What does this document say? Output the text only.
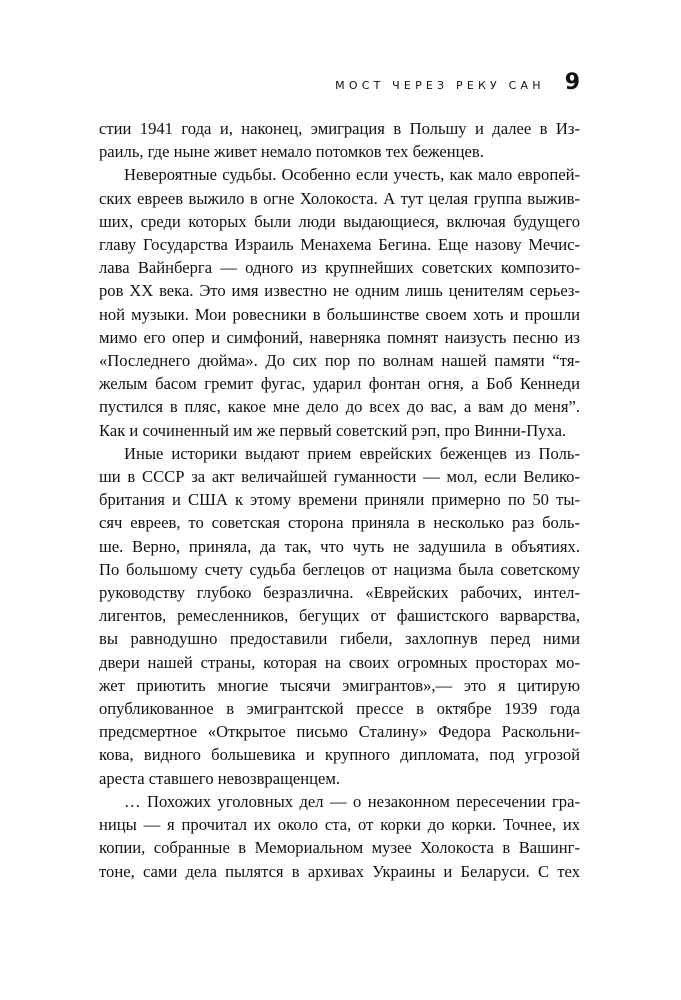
МОСТ ЧЕРЕЗ РЕКУ САН 9
стии 1941 года и, наконец, эмиграция в Польшу и далее в Из-
раиль, где ныне живет немало потомков тех беженцев.
Невероятные судьбы. Особенно если учесть, как мало европей-
ских евреев выжило в огне Холокоста. А тут целая группа выжив-
ших, среди которых были люди выдающиеся, включая будущего
главу Государства Израиль Менахема Бегина. Еще назову Мечис-
лава Вайнберга — одного из крупнейших советских композито-
ров XX века. Это имя известно не одним лишь ценителям серьез-
ной музыки. Мои ровесники в большинстве своем хоть и прошли
мимо его опер и симфоний, наверняка помнят наизусть песню из
«Последнего дюйма». До сих пор по волнам нашей памяти “тя-
желым басом гремит фугас, ударил фонтан огня, а Боб Кеннеди
пустился в пляс, какое мне дело до всех до вас, а вам до меня”.
Как и сочиненный им же первый советский рэп, про Винни-Пуха.
Иные историки выдают прием еврейских беженцев из Поль-
ши в СССР за акт величайшей гуманности — мол, если Велико-
британия и США к этому времени приняли примерно по 50 ты-
сяч евреев, то советская сторона приняла в несколько раз боль-
ше. Верно, приняла, да так, что чуть не задушила в объятиях.
По большому счету судьба беглецов от нацизма была советскому
руководству глубоко безразлична. «Еврейских рабочих, интел-
лигентов, ремесленников, бегущих от фашистского варварства,
вы равнодушно предоставили гибели, захлопнув перед ними
двери нашей страны, которая на своих огромных просторах мо-
жет приютить многие тысячи эмигрантов»,— это я цитирую
опубликованное в эмигрантской прессе в октябре 1939 года
предсмертное «Открытое письмо Сталину» Федора Раскольни-
кова, видного большевика и крупного дипломата, под угрозой
ареста ставшего невозвращенцем.
… Похожих уголовных дел — о незаконном пересечении гра-
ницы — я прочитал их около ста, от корки до корки. Точнее, их
копии, собранные в Мемориальном музее Холокоста в Вашинг-
тоне, сами дела пылятся в архивах Украины и Беларуси. С тех
